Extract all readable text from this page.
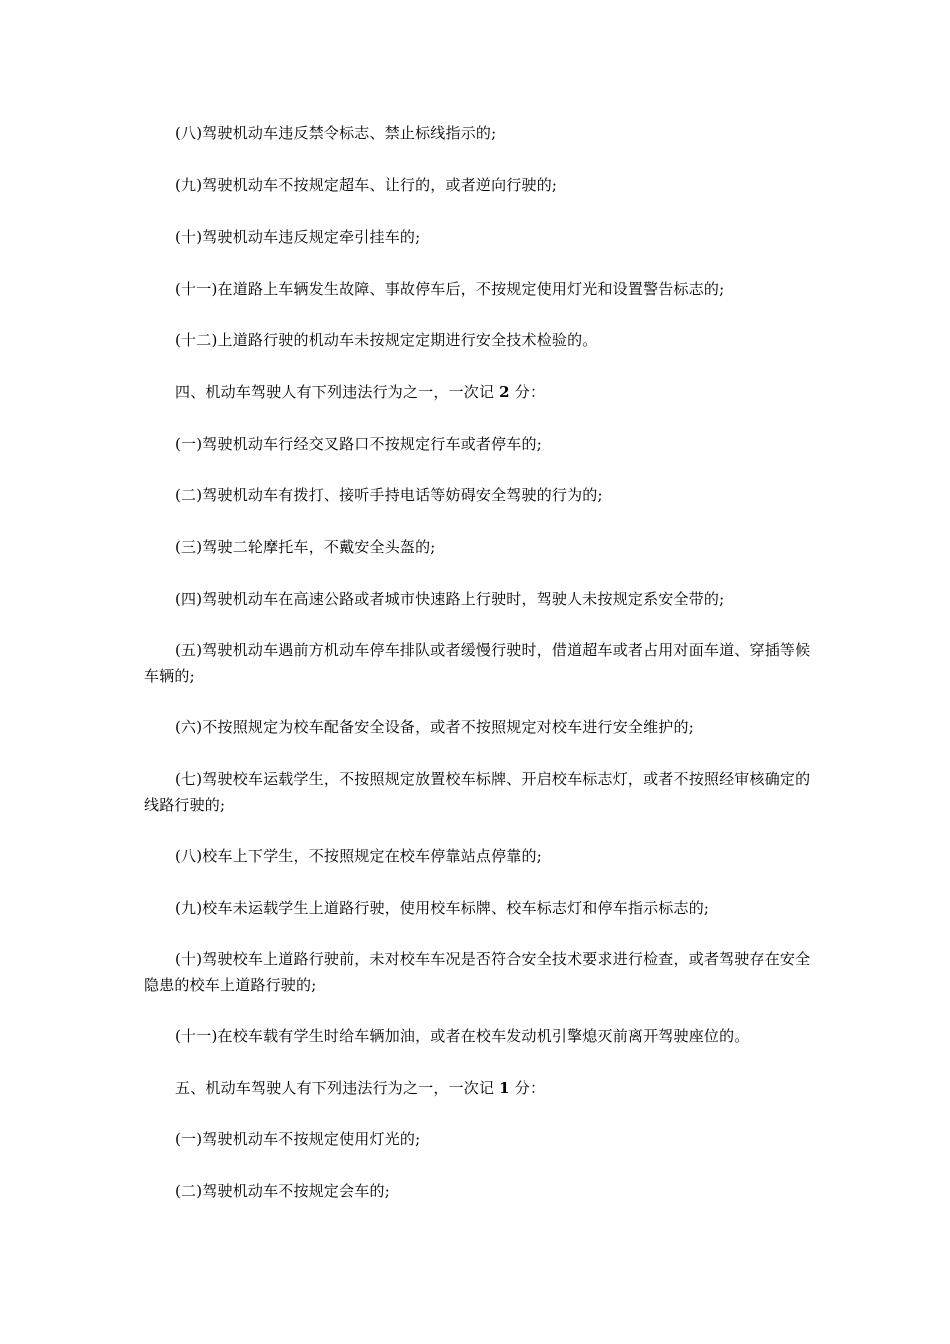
(八)驾驶机动车违反禁令标志、禁止标线指示的;

(九)驾驶机动车不按规定超车、让行的，或者逆向行驶的;

(十)驾驶机动车违反规定牵引挂车的;

(十一)在道路上车辆发生故障、事故停车后，不按规定使用灯光和设置警告标志的;

(十二)上道路行驶的机动车未按规定定期进行安全技术检验的。

四、机动车驾驶人有下列违法行为之一，一次记 2 分：

(一)驾驶机动车行经交叉路口不按规定行车或者停车的;

(二)驾驶机动车有拨打、接听手持电话等妨碍安全驾驶的行为的;

(三)驾驶二轮摩托车，不戴安全头盔的;

(四)驾驶机动车在高速公路或者城市快速路上行驶时，驾驶人未按规定系安全带的;

(五)驾驶机动车遇前方机动车停车排队或者缓慢行驶时，借道超车或者占用对面车道、穿插等候车辆的;

(六)不按照规定为校车配备安全设备，或者不按照规定对校车进行安全维护的;

(七)驾驶校车运载学生，不按照规定放置校车标牌、开启校车标志灯，或者不按照经审核确定的线路行驶的;

(八)校车上下学生，不按照规定在校车停靠站点停靠的;

(九)校车未运载学生上道路行驶，使用校车标牌、校车标志灯和停车指示标志的;

(十)驾驶校车上道路行驶前，未对校车车况是否符合安全技术要求进行检查，或者驾驶存在安全隐患的校车上道路行驶的;

(十一)在校车载有学生时给车辆加油，或者在校车发动机引擎熄灭前离开驾驶座位的。

五、机动车驾驶人有下列违法行为之一，一次记 1 分：

(一)驾驶机动车不按规定使用灯光的;

(二)驾驶机动车不按规定会车的;
